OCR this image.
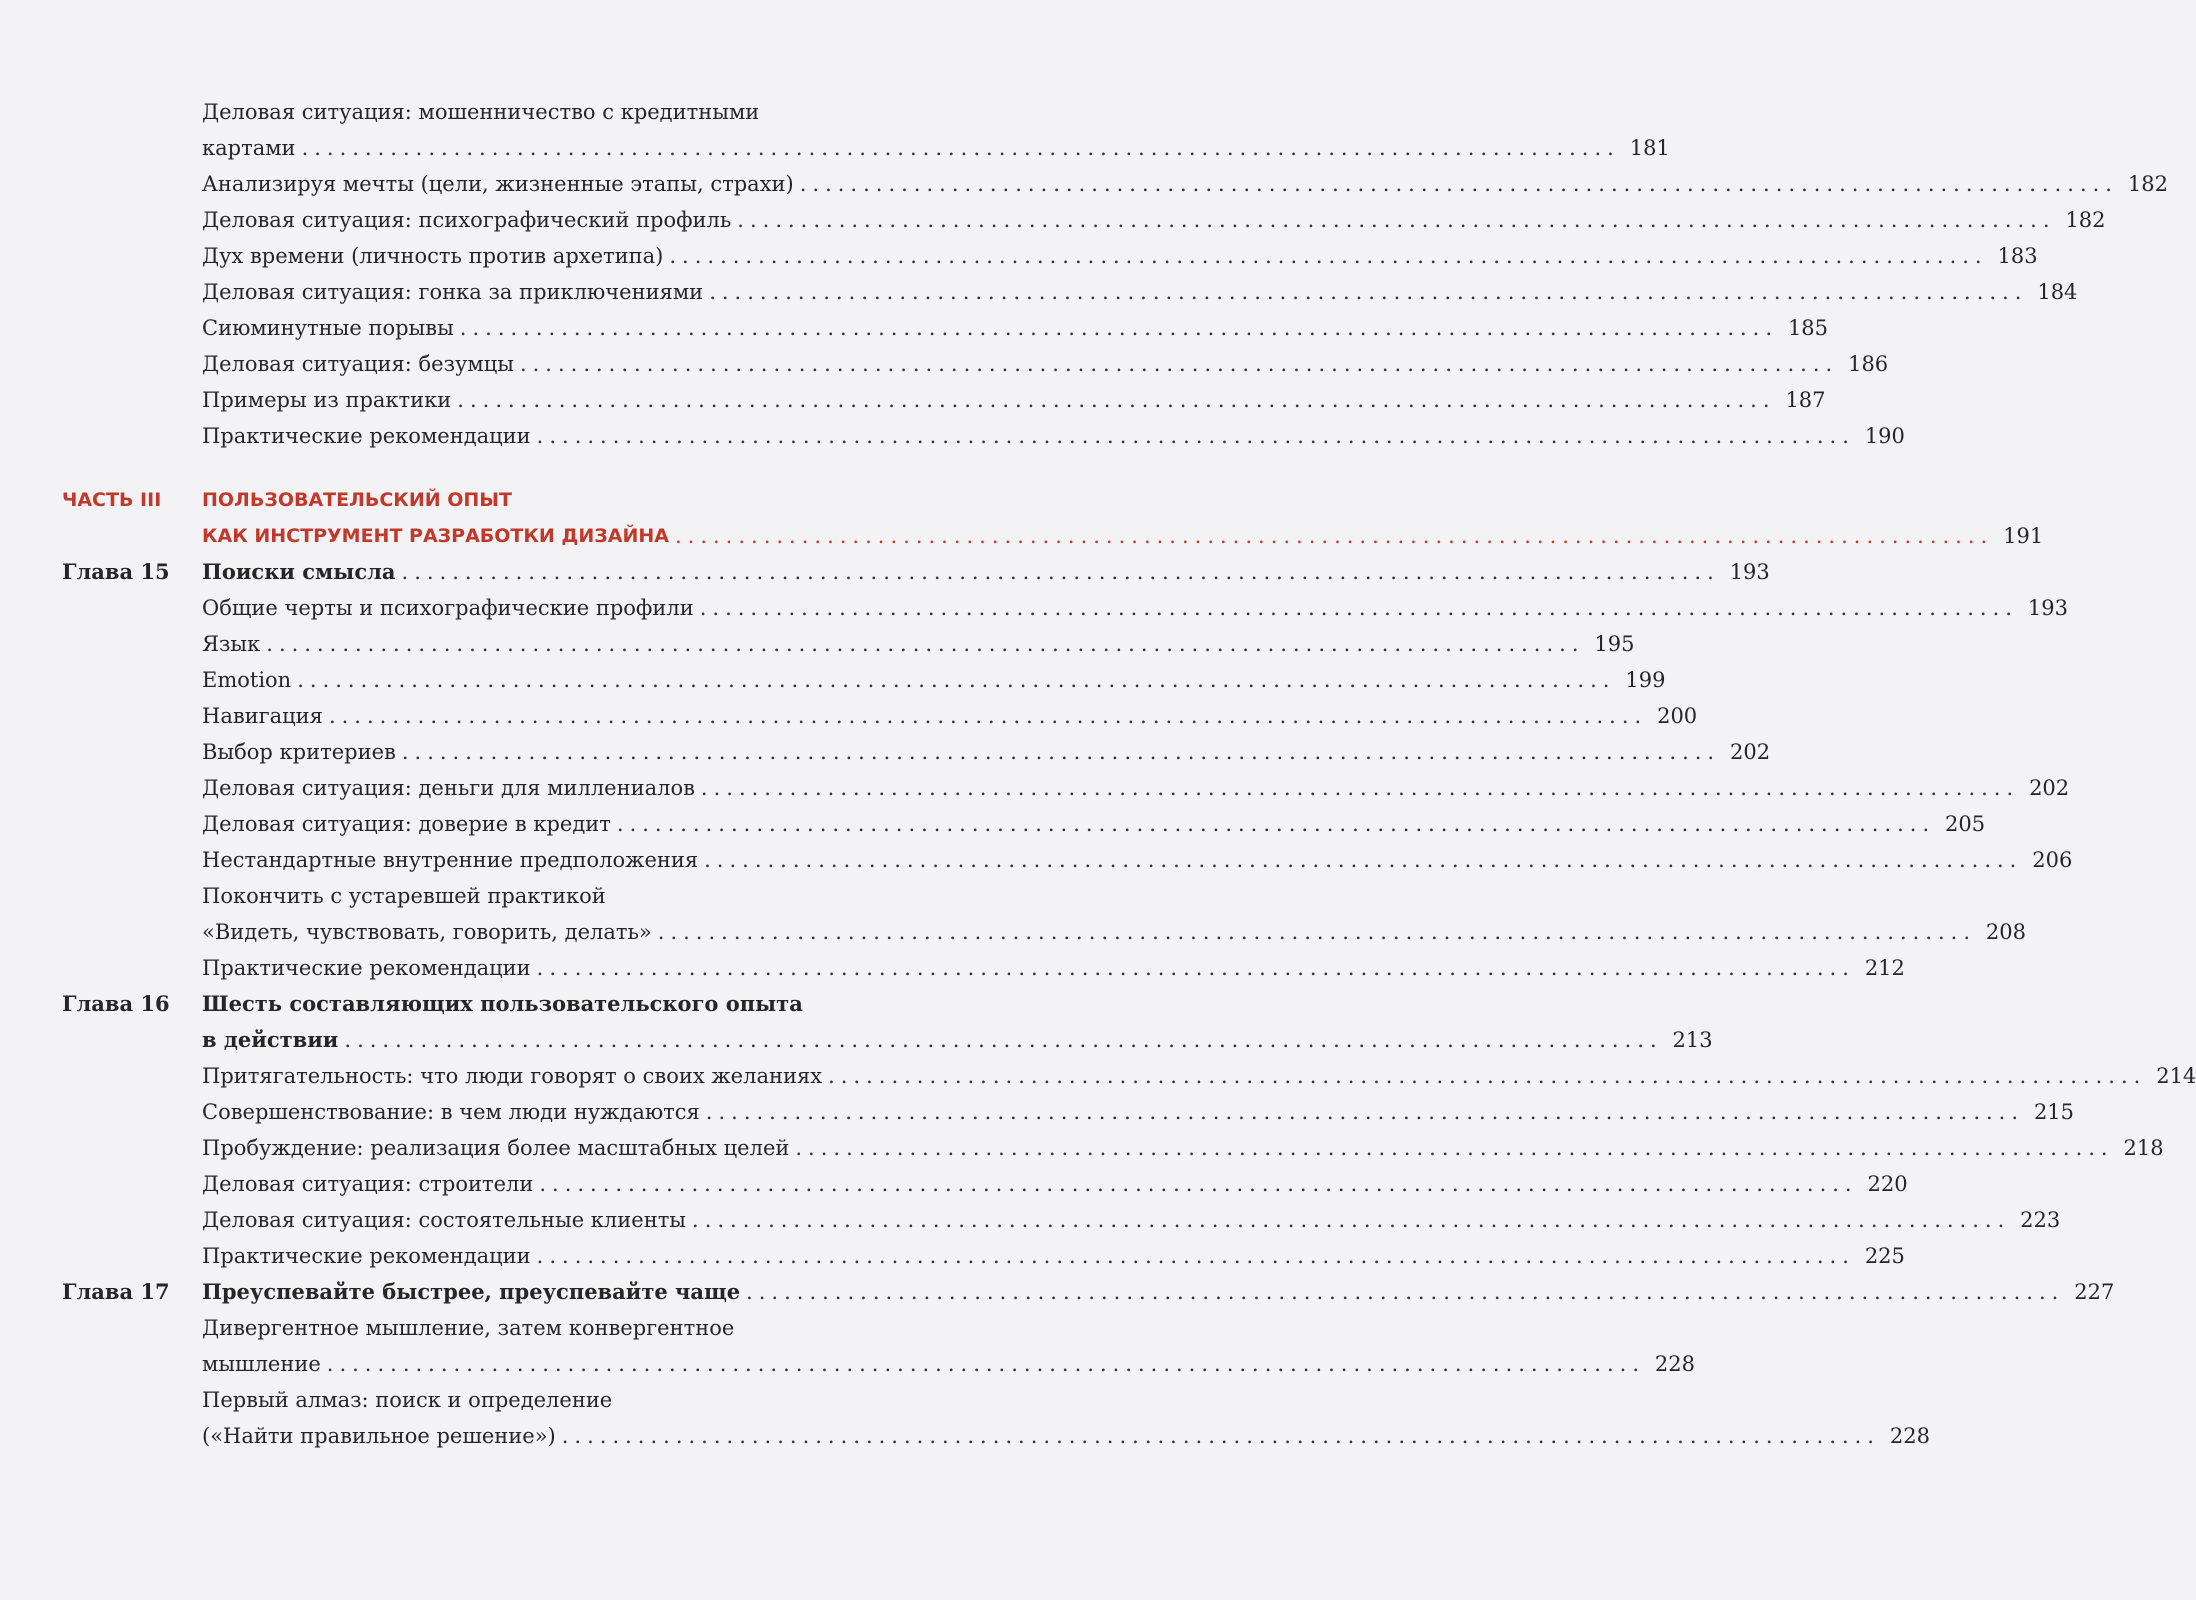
Деловая ситуация: мошенничество с кредитными
картами ........................................................................................................ 181
Анализируя мечты (цели, жизненные этапы, страхи) ........................................................................................................ 182
Деловая ситуация: психографический профиль ........................................................................................................ 182
Дух времени (личность против архетипа) ........................................................................................................ 183
Деловая ситуация: гонка за приключениями ........................................................................................................ 184
Сиюминутные порывы ........................................................................................................ 185
Деловая ситуация: безумцы ........................................................................................................ 186
Примеры из практики ........................................................................................................ 187
Практические рекомендации ........................................................................................................ 190
ЧАСТЬ III	ПОЛЬЗОВАТЕЛЬСКИЙ ОПЫТ
КАК ИНСТРУМЕНТ РАЗРАБОТКИ ДИЗАЙНА ........................................................................................................ 191
Глава 15	Поиски смысла ........................................................................................................ 193
Общие черты и психографические профили ........................................................................................................ 193
Язык ........................................................................................................ 195
Emotion ........................................................................................................ 199
Навигация ........................................................................................................ 200
Выбор критериев ........................................................................................................ 202
Деловая ситуация: деньги для миллениалов ........................................................................................................ 202
Деловая ситуация: доверие в кредит ........................................................................................................ 205
Нестандартные внутренние предположения ........................................................................................................ 206
Покончить с устаревшей практикой
«Видеть, чувствовать, говорить, делать» ........................................................................................................ 208
Практические рекомендации ........................................................................................................ 212
Глава 16	Шесть составляющих пользовательского опыта
в действии ........................................................................................................ 213
Притягательность: что люди говорят о своих желаниях ........................................................................................................ 214
Совершенствование: в чем люди нуждаются ........................................................................................................ 215
Пробуждение: реализация более масштабных целей ........................................................................................................ 218
Деловая ситуация: строители ........................................................................................................ 220
Деловая ситуация: состоятельные клиенты ........................................................................................................ 223
Практические рекомендации ........................................................................................................ 225
Глава 17	Преуспевайте быстрее, преуспевайте чаще ........................................................................................................ 227
Дивергентное мышление, затем конвергентное
мышление ........................................................................................................ 228
Первый алмаз: поиск и определение
(«Найти правильное решение») ........................................................................................................ 228
